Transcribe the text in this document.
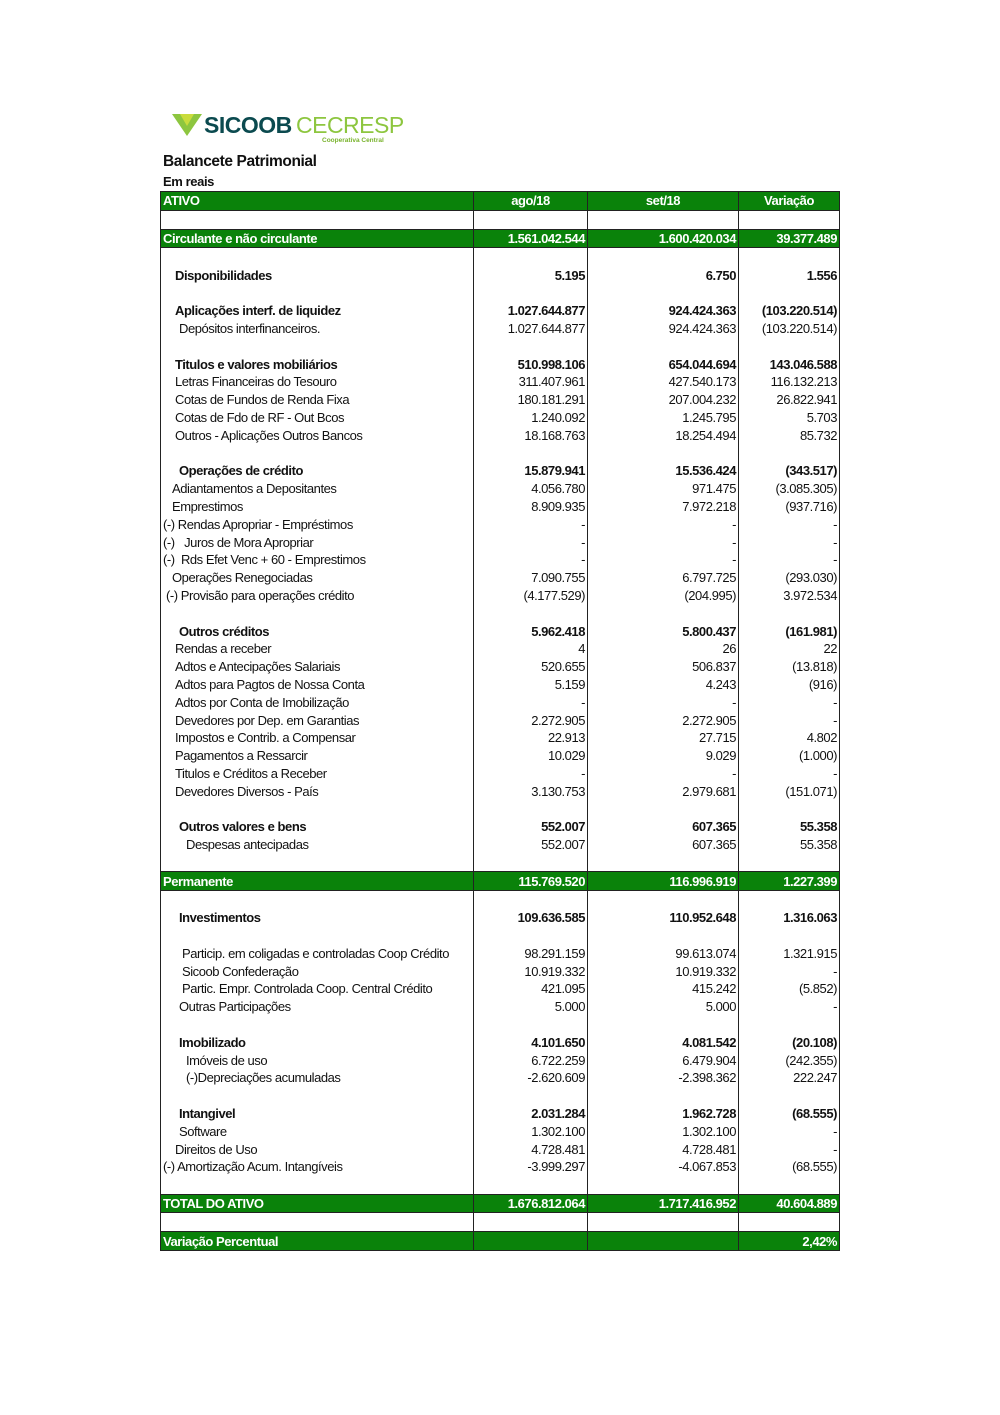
SICOOB CECRESP
Cooperativa Central
Balancete Patrimonial
Em reais
ATIVO	ago/18	set/18	Variação

Circulante e não circulante	1.561.042.544	1.600.420.034	39.377.489

Disponibilidades	5.195	6.750	1.556

Aplicações interf. de liquidez	1.027.644.877	924.424.363	(103.220.514)
Depósitos interfinanceiros.	1.027.644.877	924.424.363	(103.220.514)

Titulos e valores mobiliários	510.998.106	654.044.694	143.046.588
Letras Financeiras do Tesouro	311.407.961	427.540.173	116.132.213
Cotas de Fundos de Renda Fixa	180.181.291	207.004.232	26.822.941
Cotas de Fdo de RF - Out Bcos	1.240.092	1.245.795	5.703
Outros - Aplicações Outros Bancos	18.168.763	18.254.494	85.732

Operações de crédito	15.879.941	15.536.424	(343.517)
Adiantamentos a Depositantes	4.056.780	971.475	(3.085.305)
Emprestimos	8.909.935	7.972.218	(937.716)
(-) Rendas Apropriar - Empréstimos	-	-	-
(-)   Juros de Mora Apropriar	-	-	-
(-)  Rds Efet Venc + 60 - Emprestimos	-	-	-
Operações Renegociadas	7.090.755	6.797.725	(293.030)
(-) Provisão para operações crédito	(4.177.529)	(204.995)	3.972.534

Outros créditos	5.962.418	5.800.437	(161.981)
Rendas a receber	4	26	22
Adtos e Antecipações Salariais	520.655	506.837	(13.818)
Adtos para Pagtos de Nossa Conta	5.159	4.243	(916)
Adtos por Conta de Imobilização	-	-	-
Devedores por Dep. em Garantias	2.272.905	2.272.905	-
Impostos e Contrib. a Compensar	22.913	27.715	4.802
Pagamentos a Ressarcir	10.029	9.029	(1.000)
Titulos e Créditos a Receber	-	-	-
Devedores Diversos - País	3.130.753	2.979.681	(151.071)

Outros valores e bens	552.007	607.365	55.358
Despesas antecipadas	552.007	607.365	55.358

Permanente	115.769.520	116.996.919	1.227.399

Investimentos	109.636.585	110.952.648	1.316.063

Particip. em coligadas e controladas Coop Crédito	98.291.159	99.613.074	1.321.915
Sicoob Confederação	10.919.332	10.919.332	-
Partic. Empr. Controlada Coop. Central Crédito	421.095	415.242	(5.852)
Outras Participações	5.000	5.000	-

Imobilizado	4.101.650	4.081.542	(20.108)
Imóveis de uso	6.722.259	6.479.904	(242.355)
(-)Depreciações acumuladas	-2.620.609	-2.398.362	222.247

Intangivel	2.031.284	1.962.728	(68.555)
Software	1.302.100	1.302.100	-
Direitos de Uso	4.728.481	4.728.481	-
(-) Amortização Acum. Intangíveis	-3.999.297	-4.067.853	(68.555)

TOTAL DO ATIVO	1.676.812.064	1.717.416.952	40.604.889

Variação Percentual			2,42%
